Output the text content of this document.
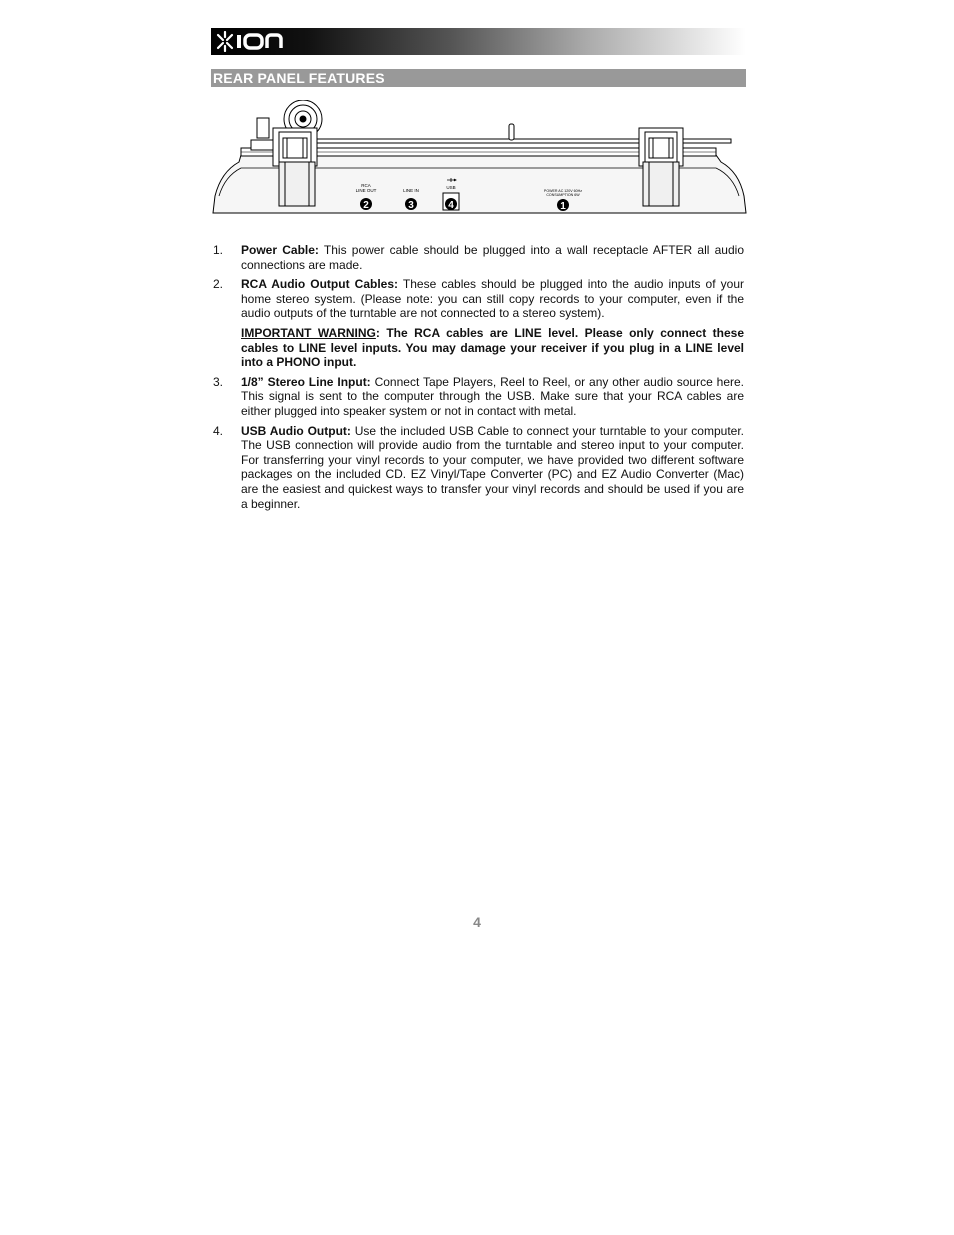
REAR PANEL FEATURES
RCA
LINE OUT
2
LINE IN
3
USB
4
POWER AC 120V 60Hz
CONSUMPTION 6W
1
1. Power Cable: This power cable should be plugged into a wall receptacle AFTER all audio connections are made.
2. RCA Audio Output Cables: These cables should be plugged into the audio inputs of your home stereo system. (Please note: you can still copy records to your computer, even if the audio outputs of the turntable are not connected to a stereo system).
IMPORTANT WARNING: The RCA cables are LINE level. Please only connect these cables to LINE level inputs. You may damage your receiver if you plug in a LINE level into a PHONO input.
3. 1/8” Stereo Line Input: Connect Tape Players, Reel to Reel, or any other audio source here. This signal is sent to the computer through the USB. Make sure that your RCA cables are either plugged into speaker system or not in contact with metal.
4. USB Audio Output: Use the included USB Cable to connect your turntable to your computer. The USB connection will provide audio from the turntable and stereo input to your computer. For transferring your vinyl records to your computer, we have provided two different software packages on the included CD. EZ Vinyl/Tape Converter (PC) and EZ Audio Converter (Mac) are the easiest and quickest ways to transfer your vinyl records and should be used if you are a beginner.
4
